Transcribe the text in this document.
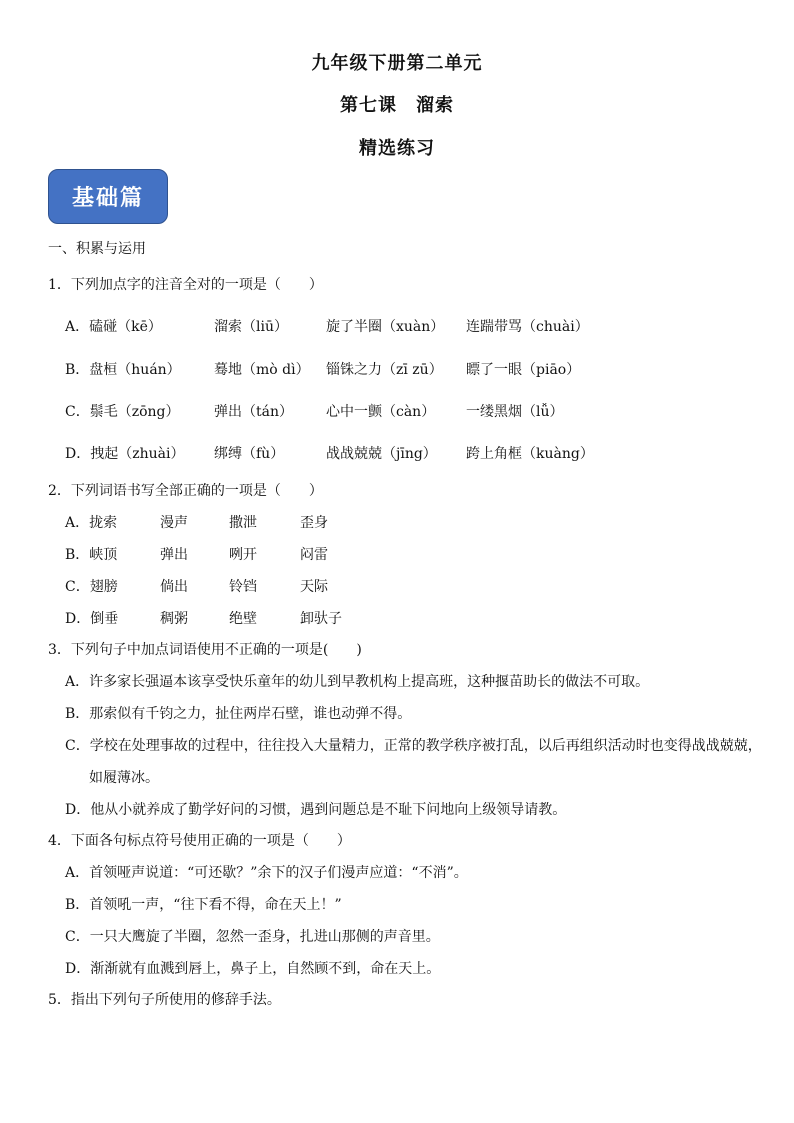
九年级下册第二单元
第七课　溜索
精选练习
基础篇
一、积累与运用
1．下列加点字的注音全对的一项是（　　）
A．磕碰（kē）	溜索（liū）	旋了半圈（xuàn） 连踹带骂（chuài）
B．盘桓（huán） 蓦地（mò dì） 锱铢之力（zī zū） 瞟了一眼（piāo）
C．鬃毛（zōng） 弹出（tán） 心中一颤（càn） 一缕黑烟（lǚ）
D．拽起（zhuài） 绑缚（fù）	战战兢兢（jīng） 跨上角框（kuàng）
2．下列词语书写全部正确的一项是（　　）
A．拢索	漫声	撒泄	歪身
B．峡顶	弹出	咧开	闷雷
C．翅膀	倘出	铃铛	天际
D．倒垂	稠粥	绝壁	卸驮子
3．下列句子中加点词语使用不正确的一项是(　　)
A．许多家长强逼本该享受快乐童年的幼儿到早教机构上提高班，这种揠苗助长的做法不可取。
B．那索似有千钧之力，扯住两岸石壁，谁也动弹不得。
C．学校在处理事故的过程中，往往投入大量精力，正常的教学秩序被打乱，以后再组织活动时也变得战战兢兢，
如履薄冰。
D．他从小就养成了勤学好问的习惯，遇到问题总是不耻下问地向上级领导请教。
4．下面各句标点符号使用正确的一项是（　　）
A．首领哑声说道：“可还歇？”余下的汉子们漫声应道：“不消”。
B．首领吼一声，“往下看不得，命在天上！”
C．一只大鹰旋了半圈，忽然一歪身，扎进山那侧的声音里。
D．渐渐就有血溅到唇上，鼻子上，自然顾不到，命在天上。
5．指出下列句子所使用的修辞手法。
